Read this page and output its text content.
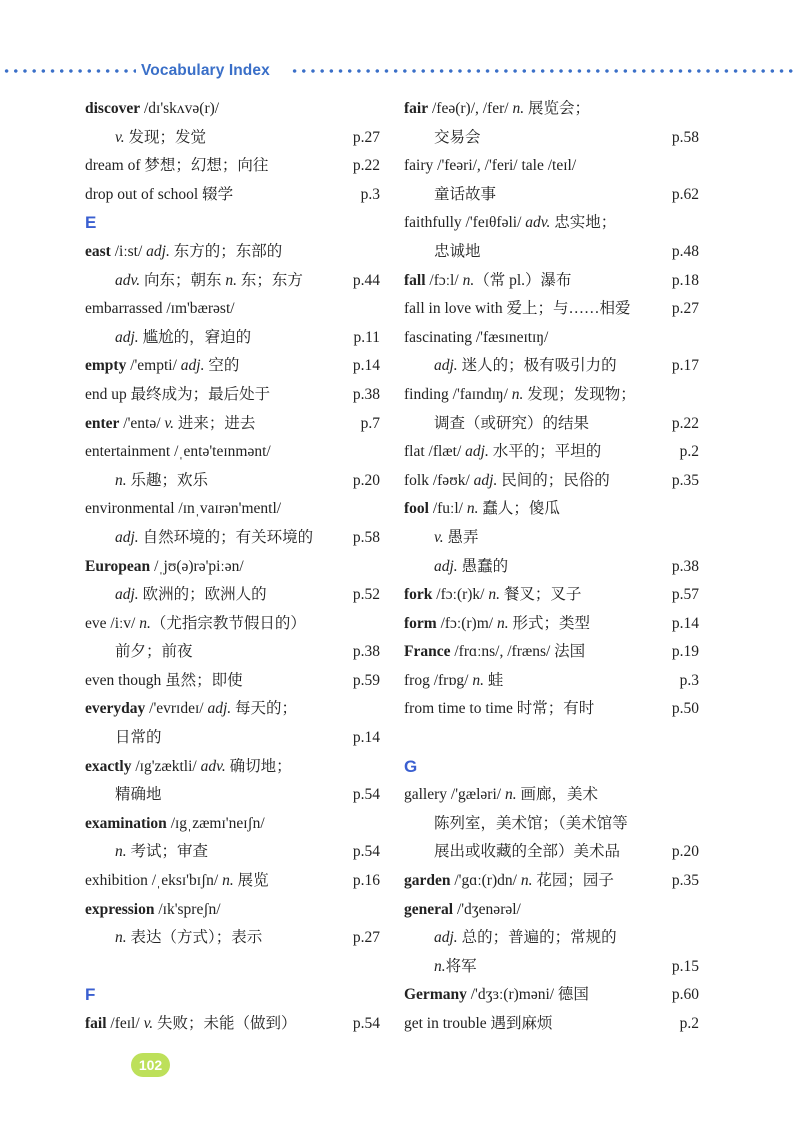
Vocabulary Index
discover /dɪ'skʌvə(r)/
v. 发现；发觉	p.27
dream of 梦想；幻想；向往	p.22
drop out of school 辍学	p.3
E
east /iːst/ adj. 东方的；东部的
adv. 向东；朝东 n. 东；东方	p.44
embarrassed /ɪm'bærəst/
adj. 尴尬的，窘迫的	p.11
empty /'empti/ adj. 空的	p.14
end up 最终成为；最后处于	p.38
enter /'entə/ v. 进来；进去	p.7
entertainment /ˌentə'teɪnmənt/
n. 乐趣；欢乐	p.20
environmental /ɪnˌvaɪrən'mentl/
adj. 自然环境的；有关环境的	p.58
European /ˌjʊ(ə)rə'piːən/
adj. 欧洲的；欧洲人的	p.52
eve /iːv/ n.（尤指宗教节假日的）
前夕；前夜	p.38
even though 虽然；即使	p.59
everyday /'evrɪdeɪ/ adj. 每天的；
日常的	p.14
exactly /ɪg'zæktli/ adv. 确切地；
精确地	p.54
examination /ɪgˌzæmɪ'neɪʃn/
n. 考试；审查	p.54
exhibition /ˌeksɪ'bɪʃn/ n. 展览	p.16
expression /ɪk'spreʃn/
n. 表达（方式）；表示	p.27
F
fail /feɪl/ v. 失败；未能（做到）	p.54
fair /feə(r)/, /fer/ n. 展览会；
交易会	p.58
fairy /'feəri/, /'feri/ tale /teɪl/
童话故事	p.62
faithfully /'feɪθfəli/ adv. 忠实地；
忠诚地	p.48
fall /fɔːl/ n.（常 pl.）瀑布	p.18
fall in love with 爱上；与……相爱	p.27
fascinating /'fæsɪneɪtɪŋ/
adj. 迷人的；极有吸引力的	p.17
finding /'faɪndɪŋ/ n. 发现；发现物；
调查（或研究）的结果	p.22
flat /flæt/ adj. 水平的；平坦的	p.2
folk /fəʊk/ adj. 民间的；民俗的	p.35
fool /fuːl/ n. 蠢人；傻瓜
v. 愚弄
adj. 愚蠢的	p.38
fork /fɔː(r)k/ n. 餐叉；叉子	p.57
form /fɔː(r)m/ n. 形式；类型	p.14
France /frɑːns/, /fræns/ 法国	p.19
frog /frɒg/ n. 蛙	p.3
from time to time 时常；有时	p.50
G
gallery /'gæləri/ n. 画廊，美术
陈列室，美术馆；（美术馆等
展出或收藏的全部）美术品	p.20
garden /'gɑː(r)dn/ n. 花园；园子	p.35
general /'dʒenərəl/
adj. 总的；普遍的；常规的
n.将军	p.15
Germany /'dʒɜː(r)məni/ 德国	p.60
get in trouble 遇到麻烦	p.2
102
